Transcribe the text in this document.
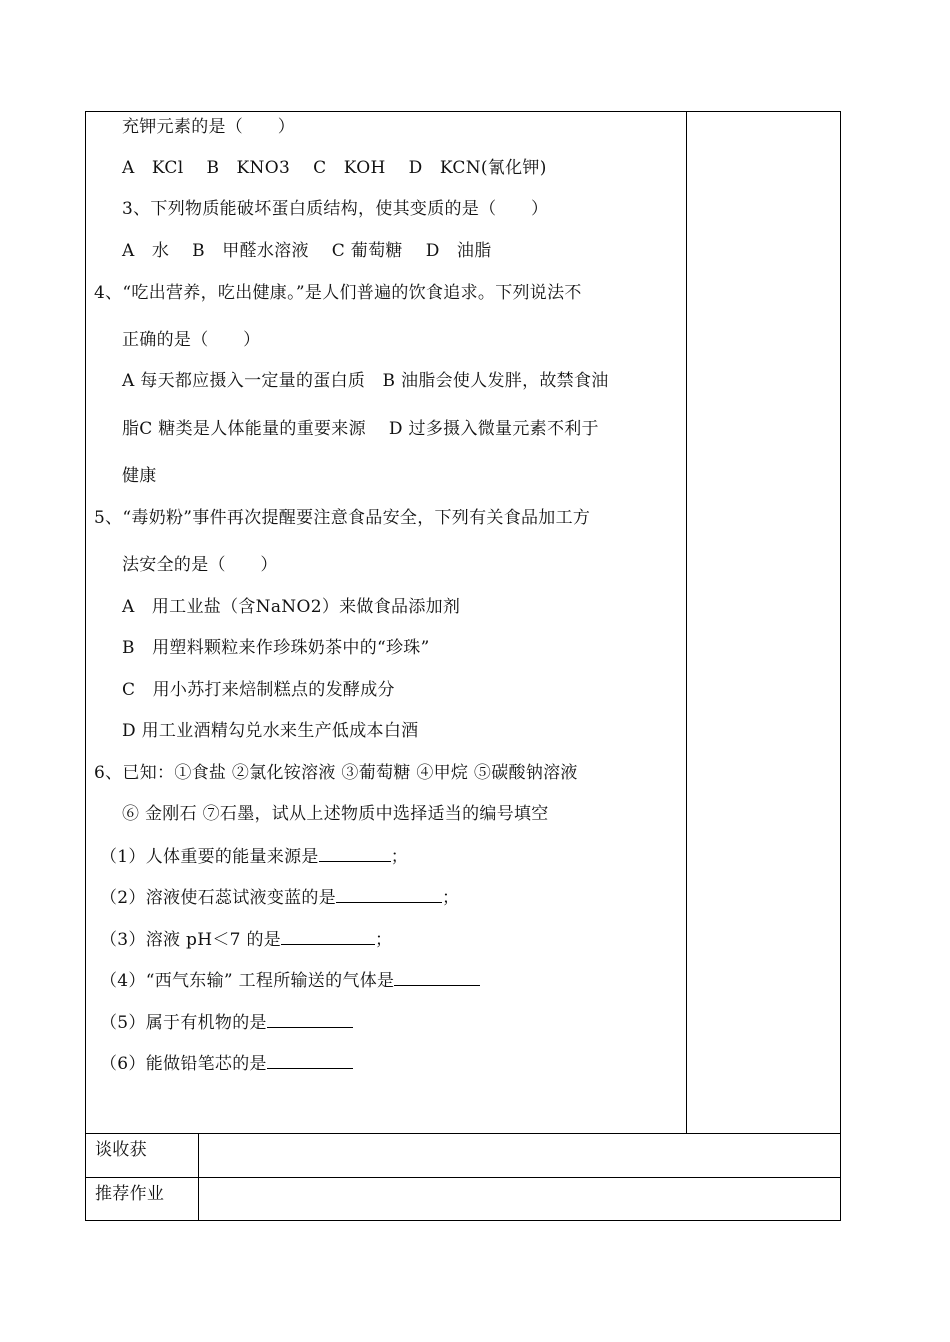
充钾元素的是（　　）
A　KCl　 B　KNO3　 C　KOH　 D　KCN(氰化钾)
3、下列物质能破坏蛋白质结构，使其变质的是（　　）
A　水　 B　甲醛水溶液　 C 葡萄糖　 D　油脂
4、“吃出营养，吃出健康。”是人们普遍的饮食追求。下列说法不
正确的是（　　）
A 每天都应摄入一定量的蛋白质　B 油脂会使人发胖，故禁食油
脂C 糖类是人体能量的重要来源　 D 过多摄入微量元素不利于
健康
5、“毒奶粉”事件再次提醒要注意食品安全，下列有关食品加工方
法安全的是（　　）
A　用工业盐（含NaNO2）来做食品添加剂
B　用塑料颗粒来作珍珠奶茶中的“珍珠”
C　用小苏打来焙制糕点的发酵成分
D 用工业酒精勾兑水来生产低成本白酒
6、已知：①食盐 ②氯化铵溶液 ③葡萄糖 ④甲烷 ⑤碳酸钠溶液
⑥ 金刚石 ⑦石墨，试从上述物质中选择适当的编号填空
（1）人体重要的能量来源是	；
（2）溶液使石蕊试液变蓝的是	；
（3）溶液 pH＜7 的是	；
（4）“西气东输” 工程所输送的气体是
（5）属于有机物的是
（6）能做铅笔芯的是
谈收获
推荐作业
